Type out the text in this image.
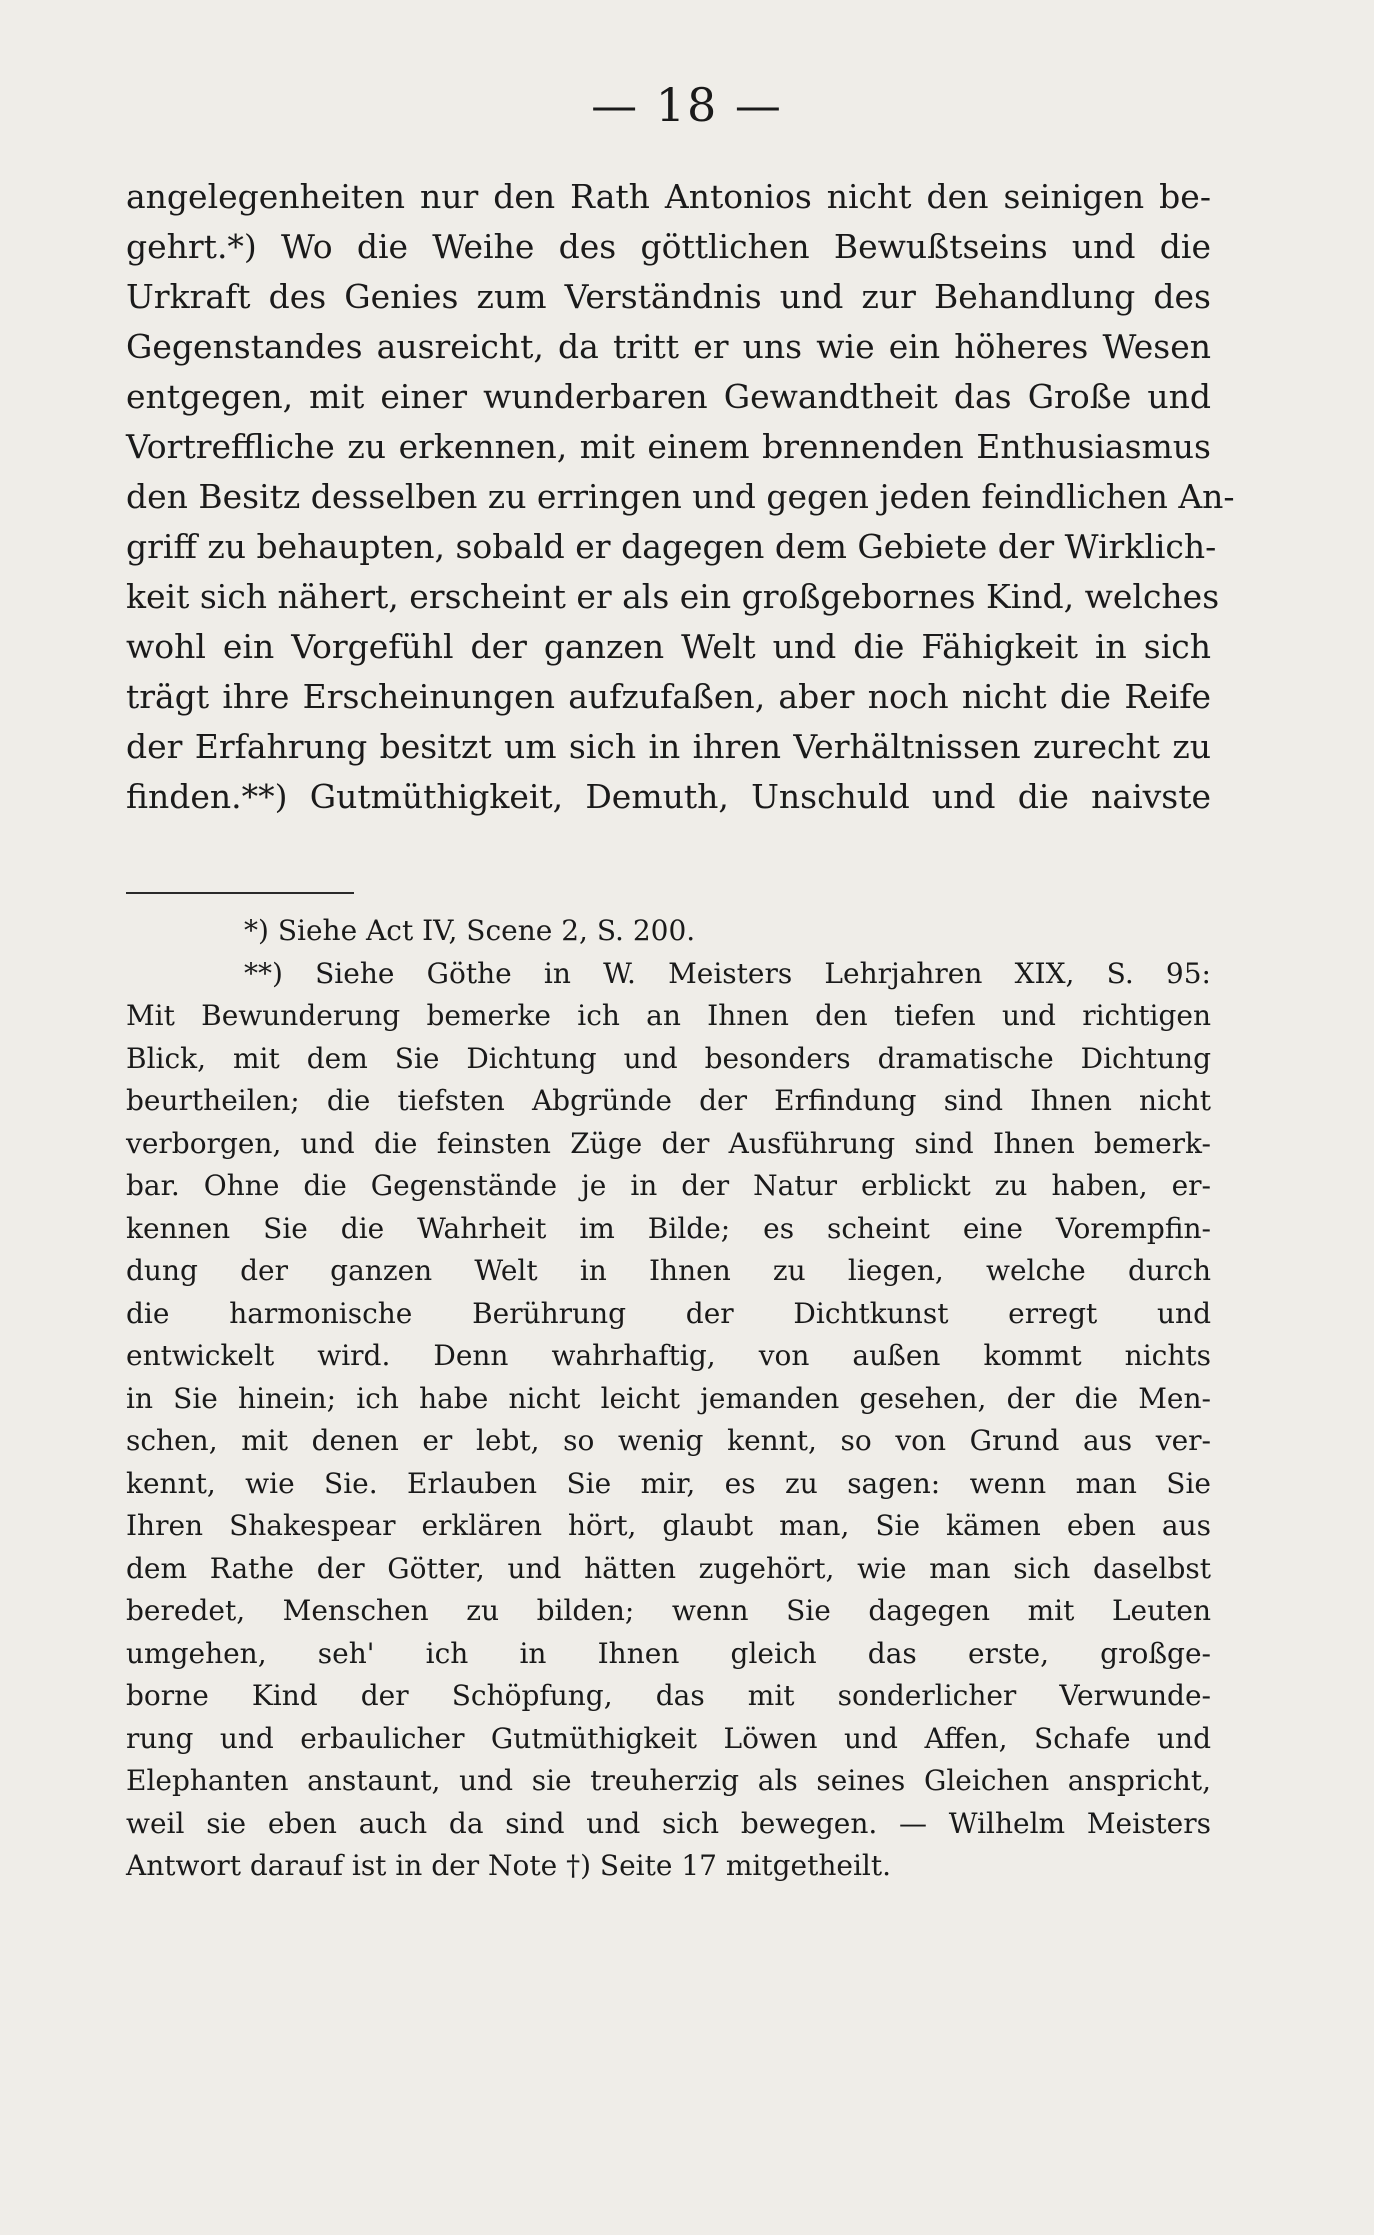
— 18 —
angelegenheiten nur den Rath Antonios nicht den seinigen be-
gehrt.*) Wo die Weihe des göttlichen Bewußtseins und die
Urkraft des Genies zum Verständnis und zur Behandlung des
Gegenstandes ausreicht, da tritt er uns wie ein höheres Wesen
entgegen, mit einer wunderbaren Gewandtheit das Große und
Vortreffliche zu erkennen, mit einem brennenden Enthusiasmus
den Besitz desselben zu erringen und gegen jeden feindlichen An-
griff zu behaupten, sobald er dagegen dem Gebiete der Wirklich-
keit sich nähert, erscheint er als ein großgebornes Kind, welches
wohl ein Vorgefühl der ganzen Welt und die Fähigkeit in sich
trägt ihre Erscheinungen aufzufaßen, aber noch nicht die Reife
der Erfahrung besitzt um sich in ihren Verhältnissen zurecht zu
finden.**) Gutmüthigkeit, Demuth, Unschuld und die naivste
*) Siehe Act IV, Scene 2, S. 200.
**) Siehe Göthe in W. Meisters Lehrjahren XIX, S. 95:
Mit Bewunderung bemerke ich an Ihnen den tiefen und richtigen
Blick, mit dem Sie Dichtung und besonders dramatische Dichtung
beurtheilen; die tiefsten Abgründe der Erfindung sind Ihnen nicht
verborgen, und die feinsten Züge der Ausführung sind Ihnen bemerk-
bar. Ohne die Gegenstände je in der Natur erblickt zu haben, er-
kennen Sie die Wahrheit im Bilde; es scheint eine Vorempfin-
dung der ganzen Welt in Ihnen zu liegen, welche durch
die harmonische Berührung der Dichtkunst erregt und
entwickelt wird. Denn wahrhaftig, von außen kommt nichts
in Sie hinein; ich habe nicht leicht jemanden gesehen, der die Men-
schen, mit denen er lebt, so wenig kennt, so von Grund aus ver-
kennt, wie Sie. Erlauben Sie mir, es zu sagen: wenn man Sie
Ihren Shakespear erklären hört, glaubt man, Sie kämen eben aus
dem Rathe der Götter, und hätten zugehört, wie man sich daselbst
beredet, Menschen zu bilden; wenn Sie dagegen mit Leuten
umgehen, seh' ich in Ihnen gleich das erste, großge-
borne Kind der Schöpfung, das mit sonderlicher Verwunde-
rung und erbaulicher Gutmüthigkeit Löwen und Affen, Schafe und
Elephanten anstaunt, und sie treuherzig als seines Gleichen anspricht,
weil sie eben auch da sind und sich bewegen. — Wilhelm Meisters
Antwort darauf ist in der Note †) Seite 17 mitgetheilt.
